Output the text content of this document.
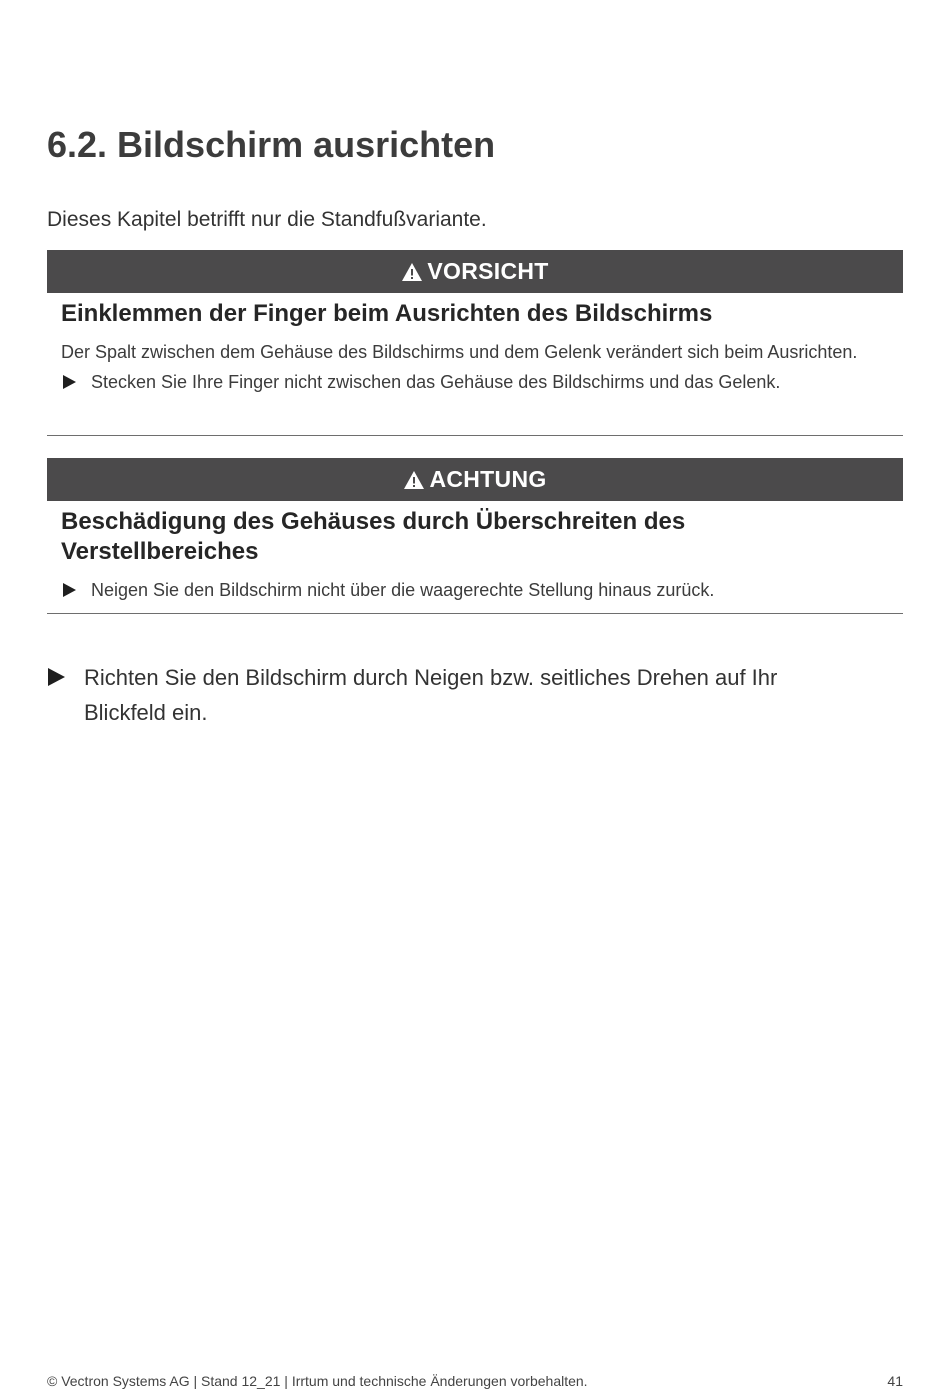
6.2. Bildschirm ausrichten

Dieses Kapitel betrifft nur die Standfußvariante.

VORSICHT

Einklemmen der Finger beim Ausrichten des Bildschirms

Der Spalt zwischen dem Gehäuse des Bildschirms und dem Gelenk verändert sich beim Ausrichten.

Stecken Sie Ihre Finger nicht zwischen das Gehäuse des Bildschirms und das Gelenk.

ACHTUNG

Beschädigung des Gehäuses durch Überschreiten des Verstellbereiches

Neigen Sie den Bildschirm nicht über die waagerechte Stellung hinaus zurück.

Richten Sie den Bildschirm durch Neigen bzw. seitliches Drehen auf Ihr Blickfeld ein.
© Vectron Systems AG | Stand 12_21 | Irrtum und technische Änderungen vorbehalten.	41
